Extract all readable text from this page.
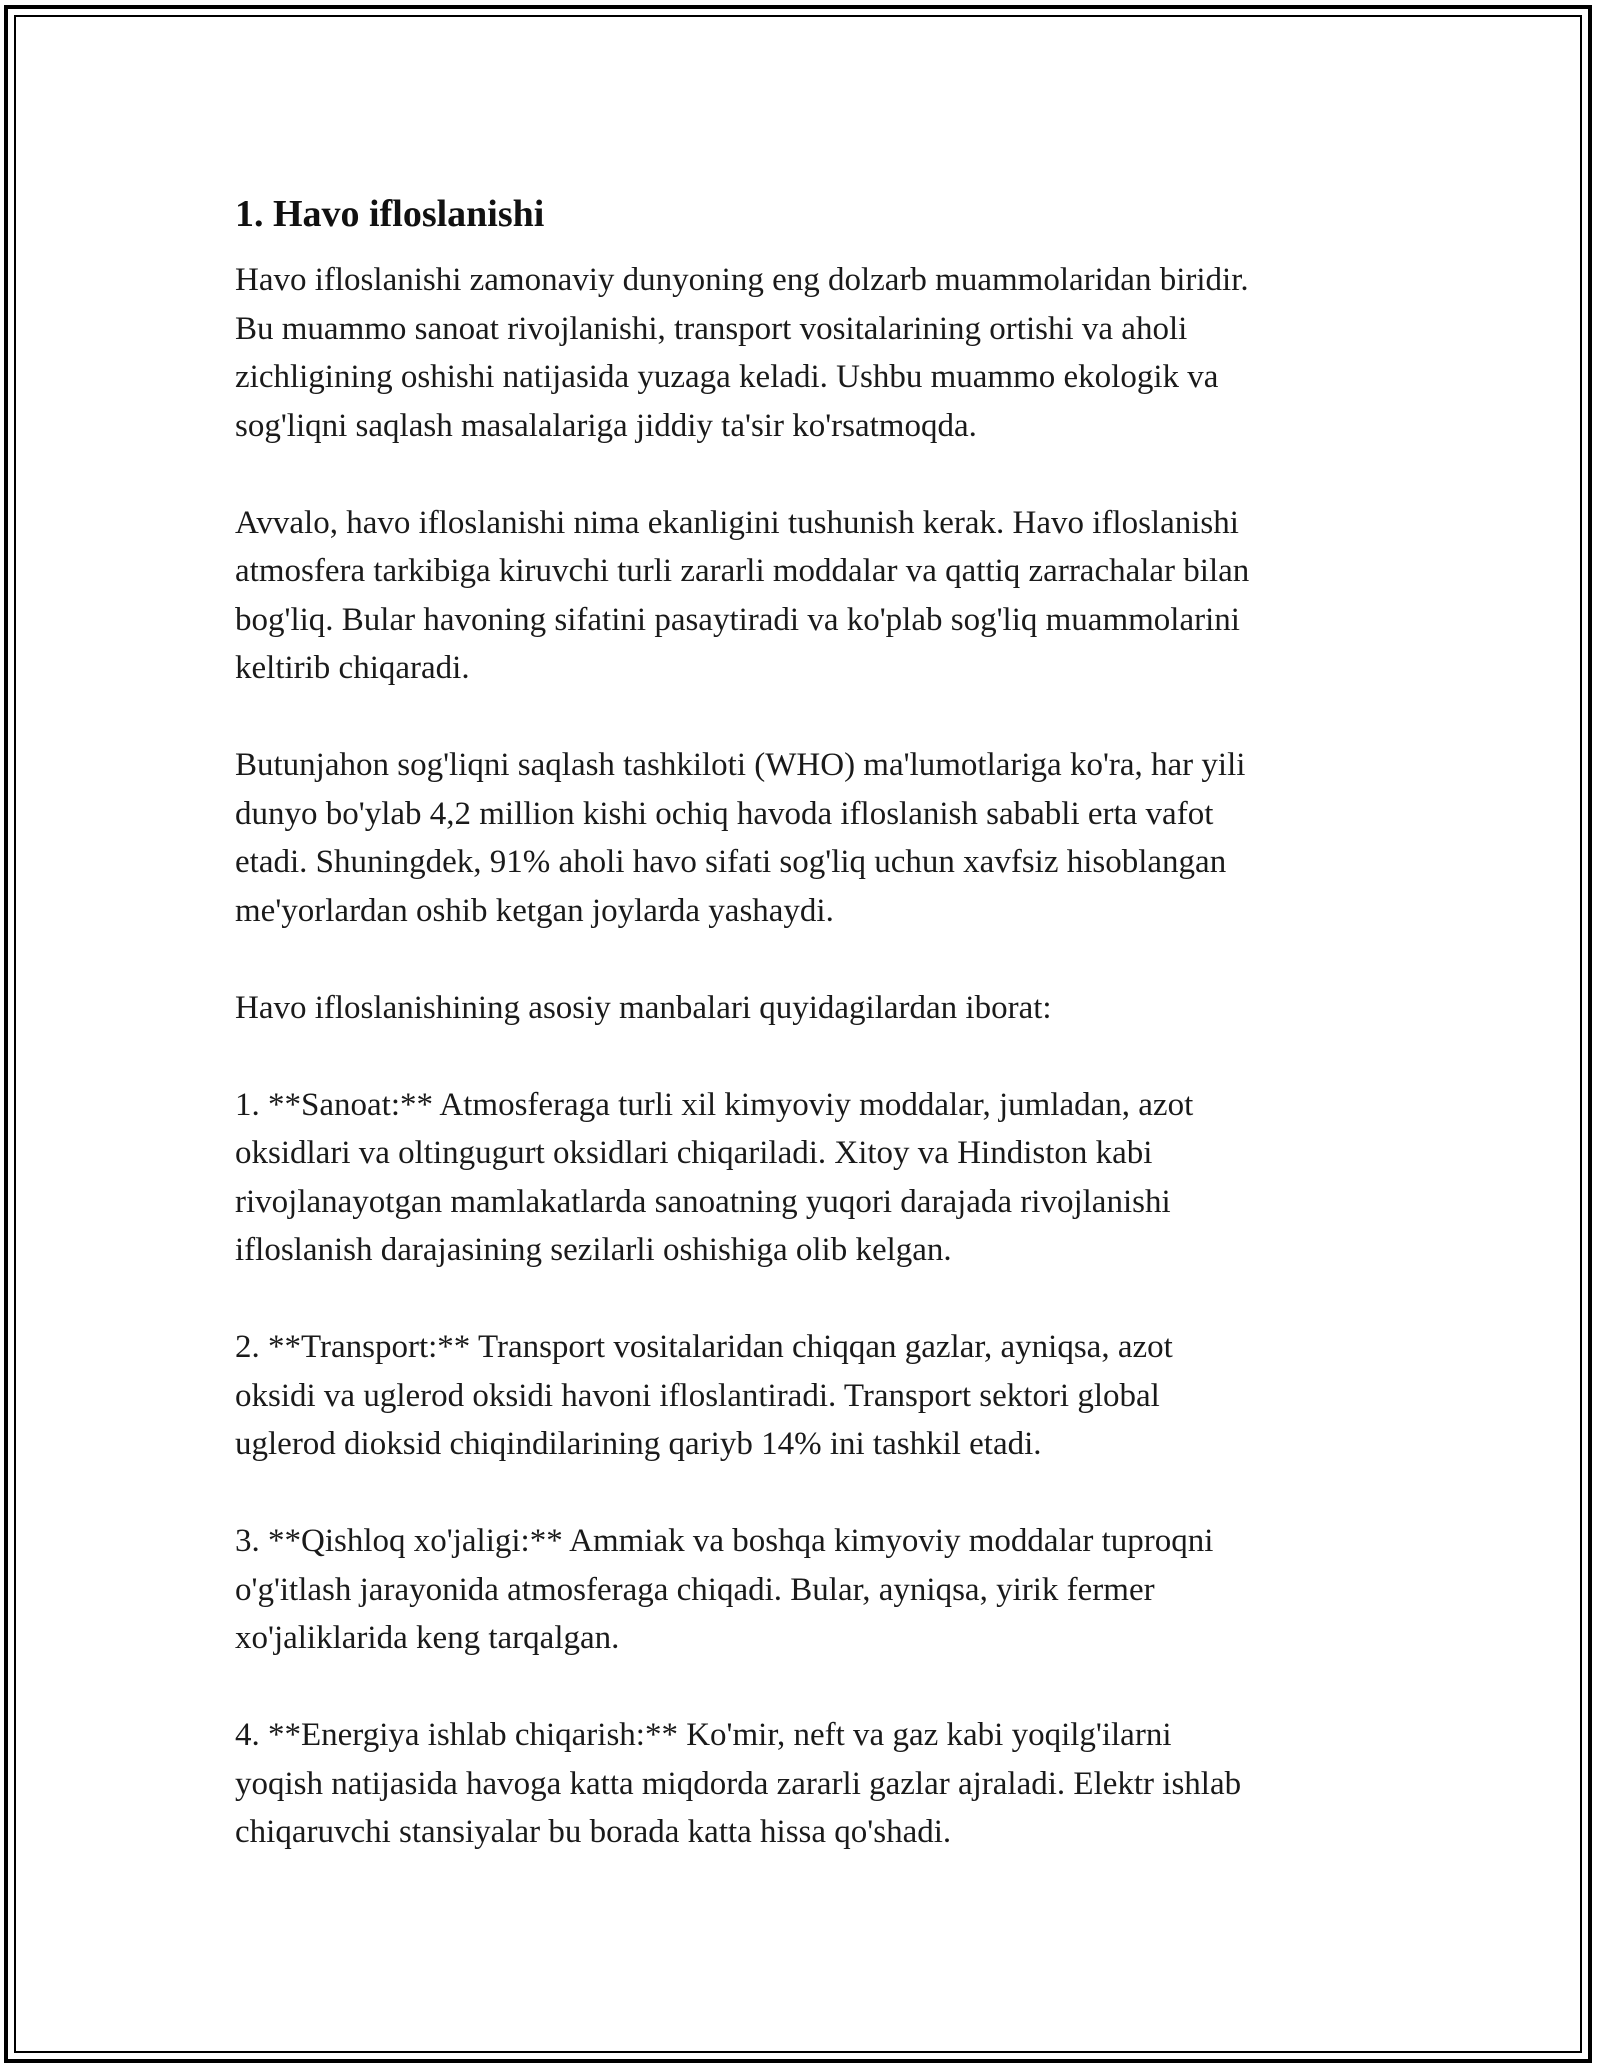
1. Havo ifloslanishi
Havo ifloslanishi zamonaviy dunyoning eng dolzarb muammolaridan biridir.
Bu muammo sanoat rivojlanishi, transport vositalarining ortishi va aholi
zichligining oshishi natijasida yuzaga keladi. Ushbu muammo ekologik va
sog'liqni saqlash masalalariga jiddiy ta'sir ko'rsatmoqda.
Avvalo, havo ifloslanishi nima ekanligini tushunish kerak. Havo ifloslanishi
atmosfera tarkibiga kiruvchi turli zararli moddalar va qattiq zarrachalar bilan
bog'liq. Bular havoning sifatini pasaytiradi va ko'plab sog'liq muammolarini
keltirib chiqaradi.
Butunjahon sog'liqni saqlash tashkiloti (WHO) ma'lumotlariga ko'ra, har yili
dunyo bo'ylab 4,2 million kishi ochiq havoda ifloslanish sababli erta vafot
etadi. Shuningdek, 91% aholi havo sifati sog'liq uchun xavfsiz hisoblangan
me'yorlardan oshib ketgan joylarda yashaydi.
Havo ifloslanishining asosiy manbalari quyidagilardan iborat:
1. **Sanoat:** Atmosferaga turli xil kimyoviy moddalar, jumladan, azot
oksidlari va oltingugurt oksidlari chiqariladi. Xitoy va Hindiston kabi
rivojlanayotgan mamlakatlarda sanoatning yuqori darajada rivojlanishi
ifloslanish darajasining sezilarli oshishiga olib kelgan.
2. **Transport:** Transport vositalaridan chiqqan gazlar, ayniqsa, azot
oksidi va uglerod oksidi havoni ifloslantiradi. Transport sektori global
uglerod dioksid chiqindilarining qariyb 14% ini tashkil etadi.
3. **Qishloq xo'jaligi:** Ammiak va boshqa kimyoviy moddalar tuproqni
o'g'itlash jarayonida atmosferaga chiqadi. Bular, ayniqsa, yirik fermer
xo'jaliklarida keng tarqalgan.
4. **Energiya ishlab chiqarish:** Ko'mir, neft va gaz kabi yoqilg'ilarni
yoqish natijasida havoga katta miqdorda zararli gazlar ajraladi. Elektr ishlab
chiqaruvchi stansiyalar bu borada katta hissa qo'shadi.
